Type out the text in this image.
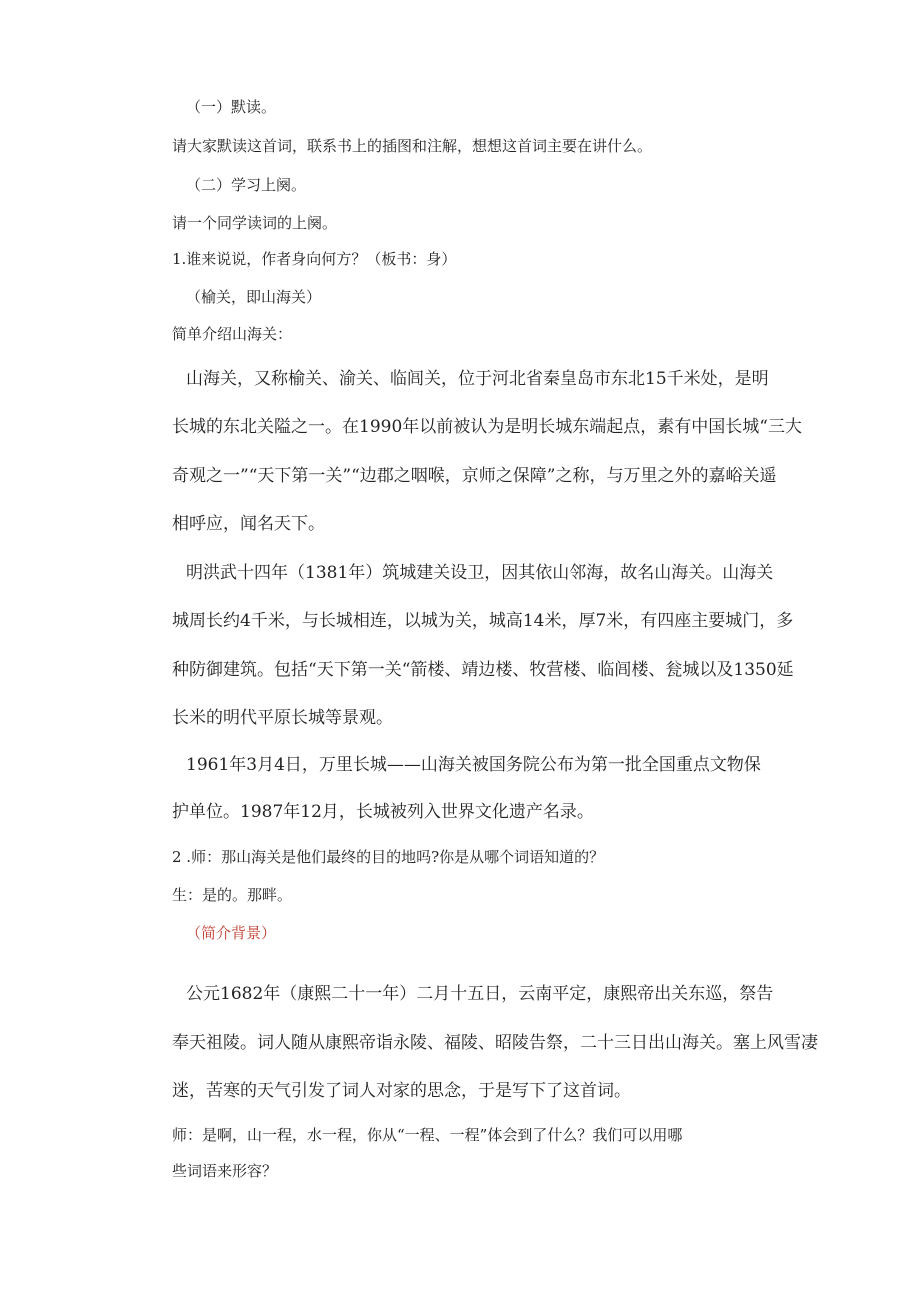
（一）默读。

请大家默读这首词，联系书上的插图和注解，想想这首词主要在讲什么。

（二）学习上阕。

请一个同学读词的上阕。

1.谁来说说，作者身向何方？（板书：身）

（榆关，即山海关）

简单介绍山海关：

山海关，又称榆关、渝关、临闾关，位于河北省秦皇岛市东北15千米处，是明

长城的东北关隘之一。在1990年以前被认为是明长城东端起点，素有中国长城“三大

奇观之一”“天下第一关”“边郡之咽喉，京师之保障”之称，与万里之外的嘉峪关遥

相呼应，闻名天下。

明洪武十四年（1381年）筑城建关设卫，因其依山邻海，故名山海关。山海关

城周长约4千米，与长城相连，以城为关，城高14米，厚7米，有四座主要城门，多

种防御建筑。包括“天下第一关“箭楼、靖边楼、牧营楼、临闾楼、瓮城以及1350延

长米的明代平原长城等景观。

1961年3月4日，万里长城——山海关被国务院公布为第一批全国重点文物保

护单位。1987年12月，长城被列入世界文化遗产名录。

2 .师：那山海关是他们最终的目的地吗?你是从哪个词语知道的？

生：是的。那畔。

（简介背景）

公元1682年（康熙二十一年）二月十五日，云南平定，康熙帝出关东巡，祭告

奉天祖陵。词人随从康熙帝诣永陵、福陵、昭陵告祭，二十三日出山海关。塞上风雪凄

迷，苦寒的天气引发了词人对家的思念，于是写下了这首词。

师：是啊，山一程，水一程，你从“一程、一程”体会到了什么？我们可以用哪

些词语来形容？
